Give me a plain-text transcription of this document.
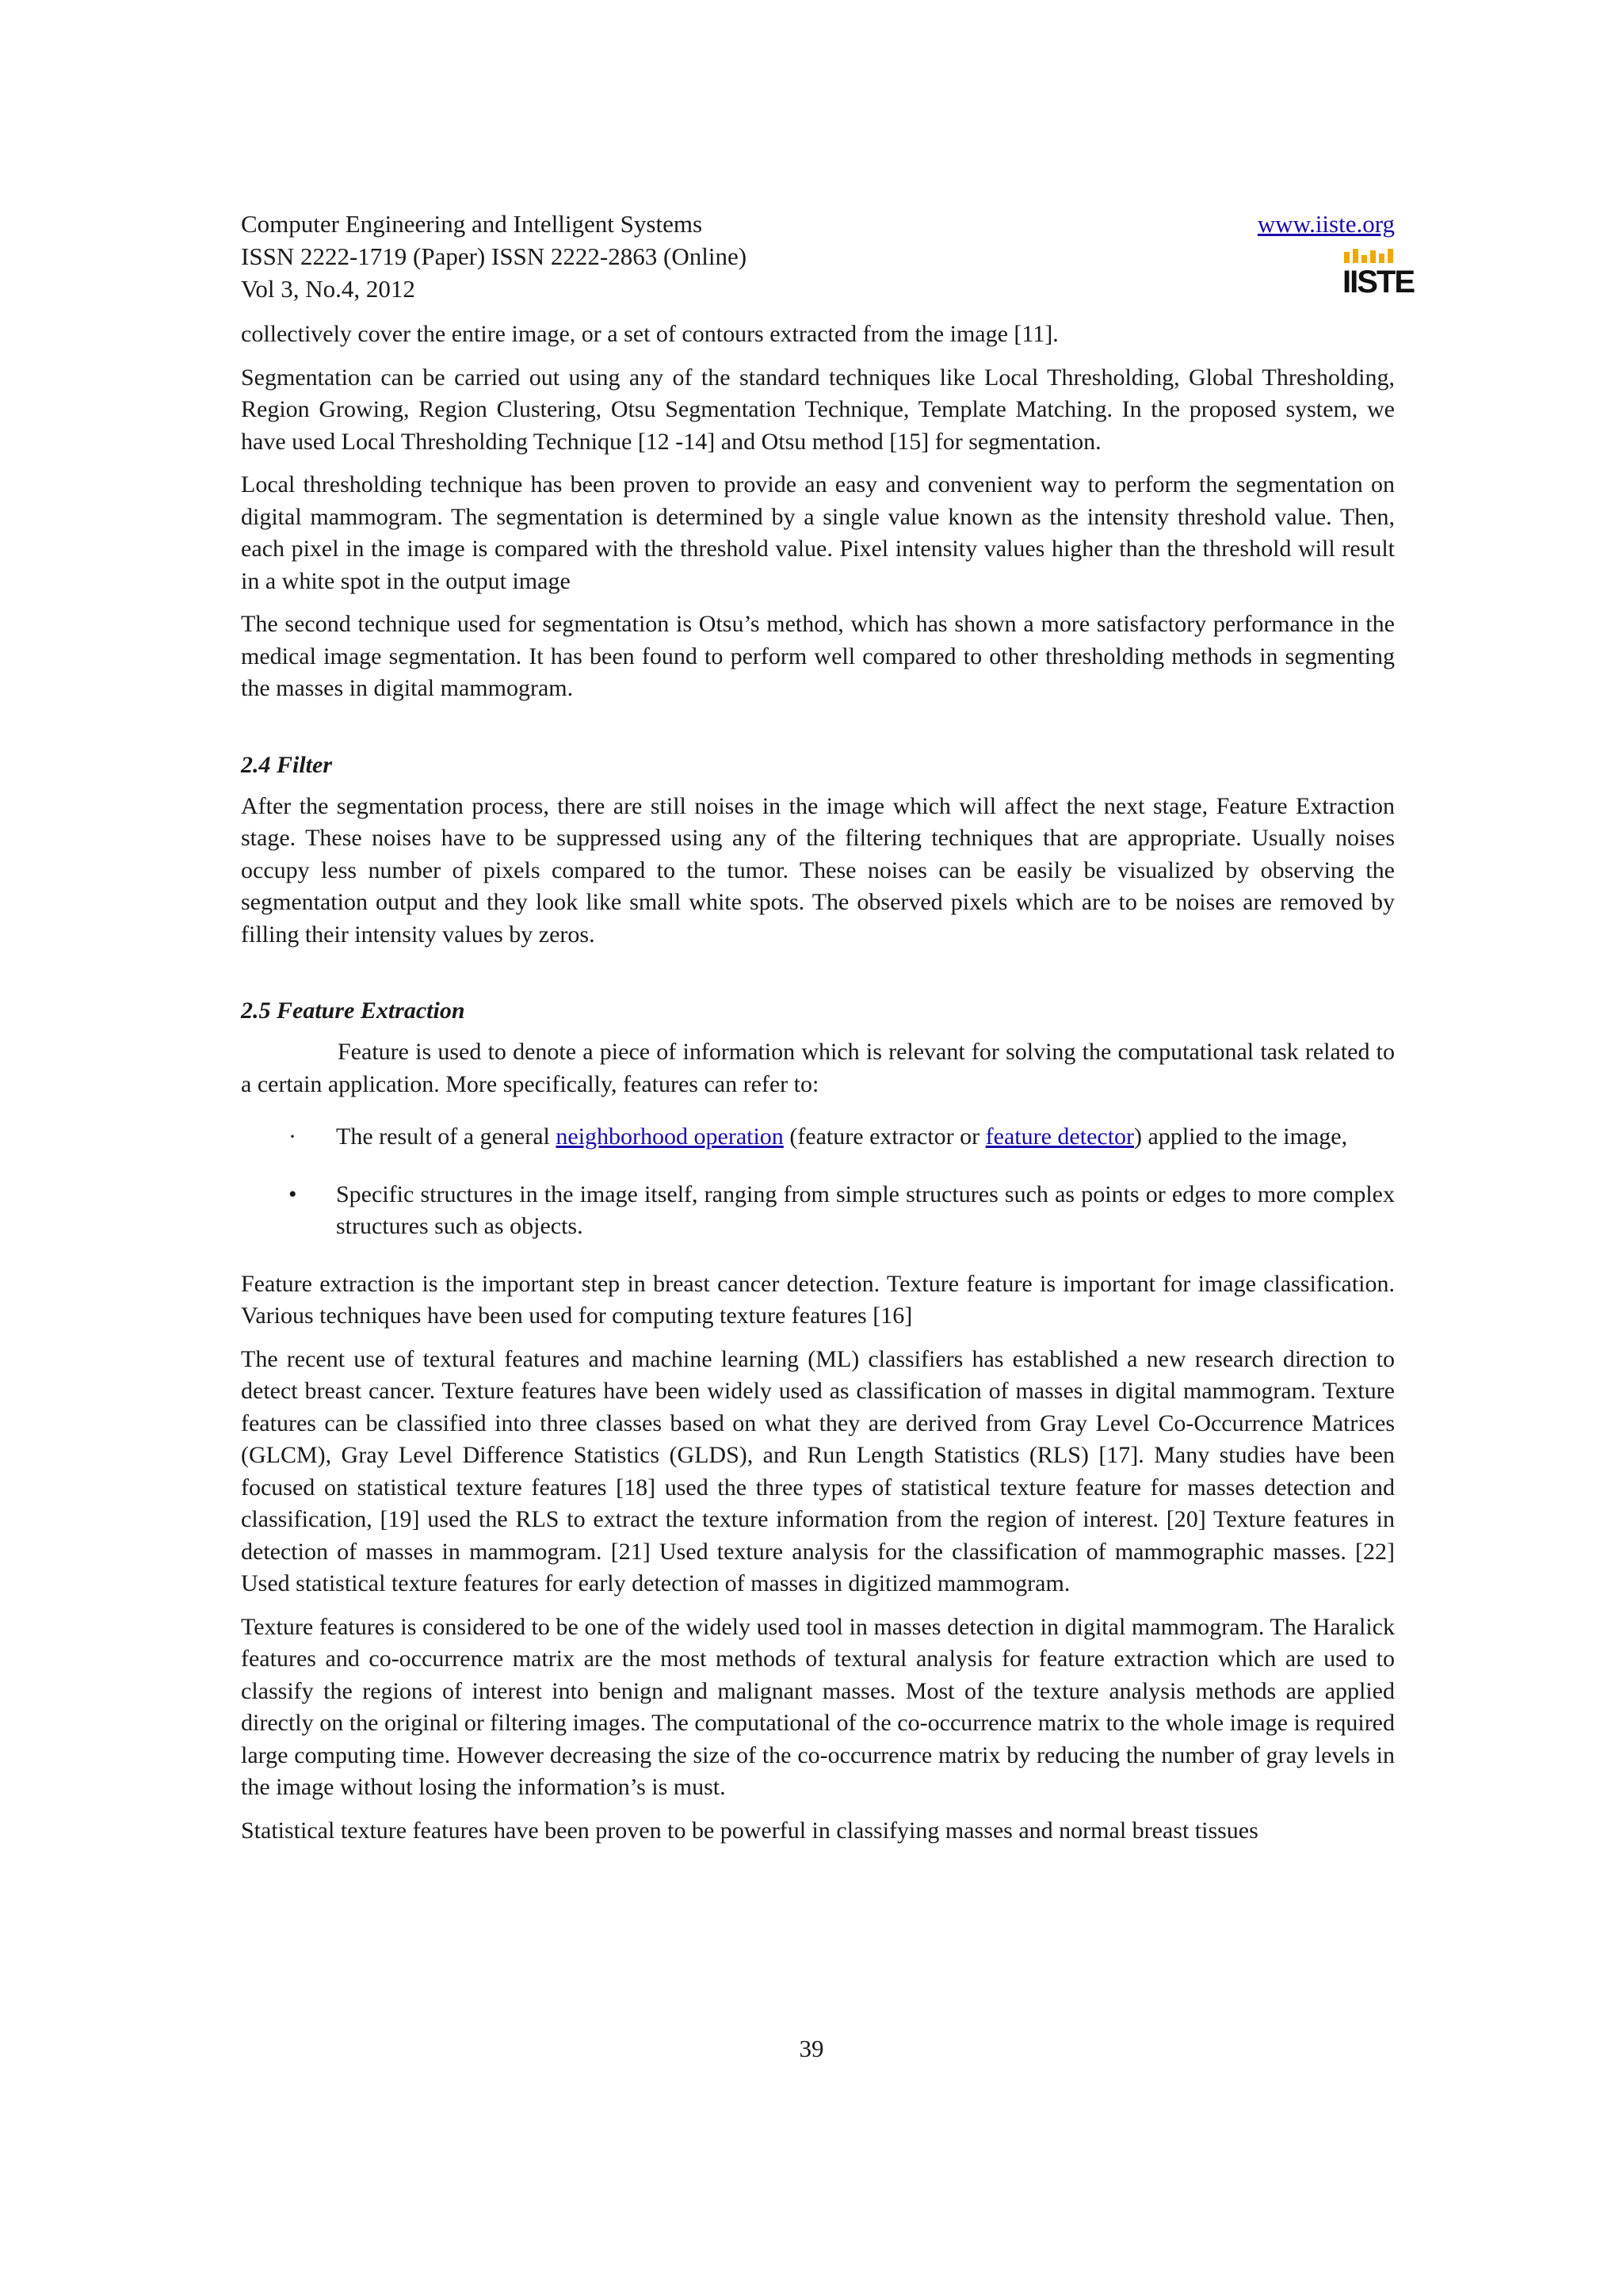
Computer Engineering and Intelligent Systems
ISSN 2222-1719 (Paper) ISSN 2222-2863 (Online)
Vol 3, No.4, 2012
www.iiste.org
IISTE

collectively cover the entire image, or a set of contours extracted from the image [11].

Segmentation can be carried out using any of the standard techniques like Local Thresholding, Global Thresholding, Region Growing, Region Clustering, Otsu Segmentation Technique, Template Matching. In the proposed system, we have used Local Thresholding Technique [12 -14] and Otsu method [15] for segmentation.

Local thresholding technique has been proven to provide an easy and convenient way to perform the segmentation on digital mammogram. The segmentation is determined by a single value known as the intensity threshold value. Then, each pixel in the image is compared with the threshold value. Pixel intensity values higher than the threshold will result in a white spot in the output image

The second technique used for segmentation is Otsu’s method, which has shown a more satisfactory performance in the medical image segmentation. It has been found to perform well compared to other thresholding methods in segmenting the masses in digital mammogram.

2.4 Filter

After the segmentation process, there are still noises in the image which will affect the next stage, Feature Extraction stage. These noises have to be suppressed using any of the filtering techniques that are appropriate. Usually noises occupy less number of pixels compared to the tumor. These noises can be easily be visualized by observing the segmentation output and they look like small white spots. The observed pixels which are to be noises are removed by filling their intensity values by zeros.

2.5 Feature Extraction

Feature is used to denote a piece of information which is relevant for solving the computational task related to a certain application. More specifically, features can refer to:

· The result of a general neighborhood operation (feature extractor or feature detector) applied to the image,
• Specific structures in the image itself, ranging from simple structures such as points or edges to more complex structures such as objects.

Feature extraction is the important step in breast cancer detection. Texture feature is important for image classification. Various techniques have been used for computing texture features [16]

The recent use of textural features and machine learning (ML) classifiers has established a new research direction to detect breast cancer. Texture features have been widely used as classification of masses in digital mammogram. Texture features can be classified into three classes based on what they are derived from Gray Level Co-Occurrence Matrices (GLCM), Gray Level Difference Statistics (GLDS), and Run Length Statistics (RLS) [17]. Many studies have been focused on statistical texture features [18] used the three types of statistical texture feature for masses detection and classification, [19] used the RLS to extract the texture information from the region of interest. [20] Texture features in detection of masses in mammogram. [21] Used texture analysis for the classification of mammographic masses. [22] Used statistical texture features for early detection of masses in digitized mammogram.

Texture features is considered to be one of the widely used tool in masses detection in digital mammogram. The Haralick features and co-occurrence matrix are the most methods of textural analysis for feature extraction which are used to classify the regions of interest into benign and malignant masses. Most of the texture analysis methods are applied directly on the original or filtering images. The computational of the co-occurrence matrix to the whole image is required large computing time. However decreasing the size of the co-occurrence matrix by reducing the number of gray levels in the image without losing the information’s is must.

Statistical texture features have been proven to be powerful in classifying masses and normal breast tissues

39
